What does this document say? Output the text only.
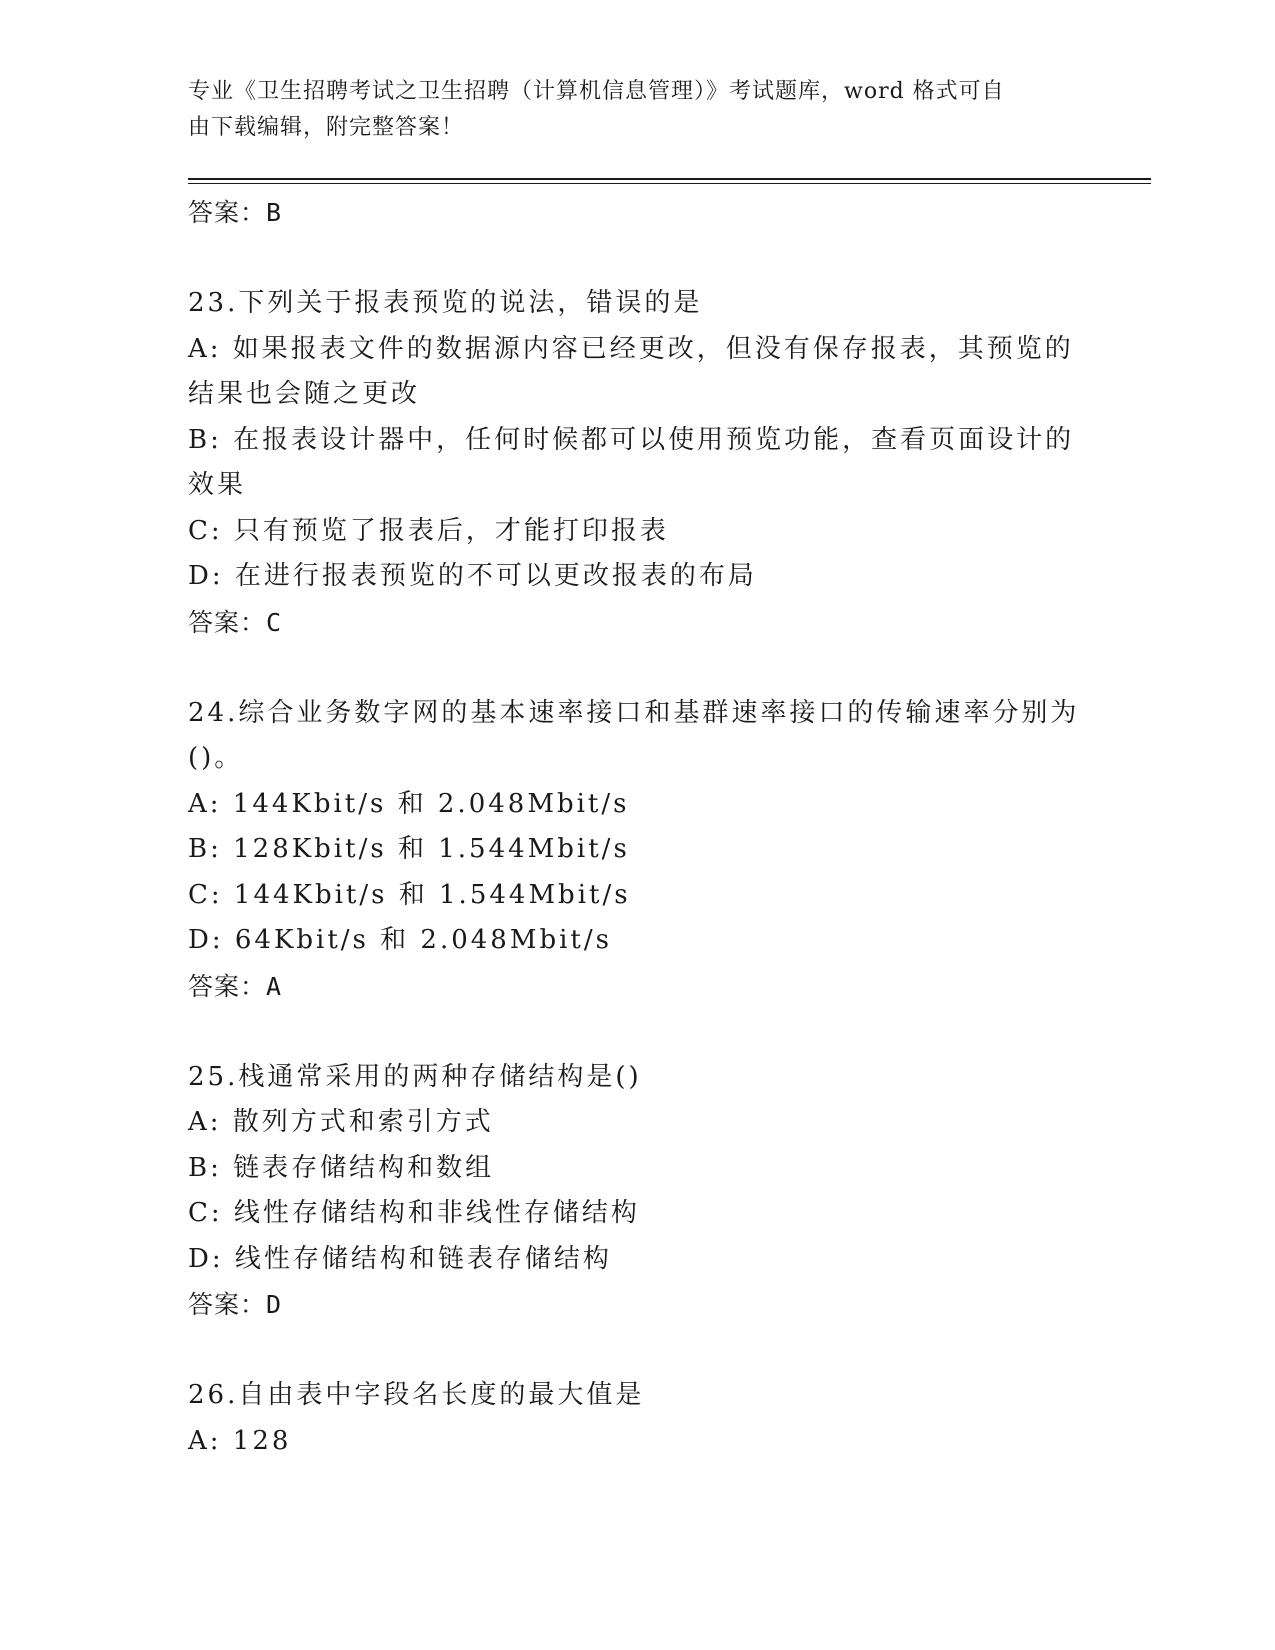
专业《卫生招聘考试之卫生招聘（计算机信息管理）》考试题库，word 格式可自
由下载编辑，附完整答案！
答案：B
23.下列关于报表预览的说法，错误的是
A: 如果报表文件的数据源内容已经更改，但没有保存报表，其预览的
结果也会随之更改
B: 在报表设计器中，任何时候都可以使用预览功能，查看页面设计的
效果
C: 只有预览了报表后，才能打印报表
D: 在进行报表预览的不可以更改报表的布局
答案：C
24.综合业务数字网的基本速率接口和基群速率接口的传输速率分别为
()。
A: 144Kbit/s 和 2.048Mbit/s
B: 128Kbit/s 和 1.544Mbit/s
C: 144Kbit/s 和 1.544Mbit/s
D: 64Kbit/s 和 2.048Mbit/s
答案：A
25.栈通常采用的两种存储结构是()
A: 散列方式和索引方式
B: 链表存储结构和数组
C: 线性存储结构和非线性存储结构
D: 线性存储结构和链表存储结构
答案：D
26.自由表中字段名长度的最大值是
A: 128
